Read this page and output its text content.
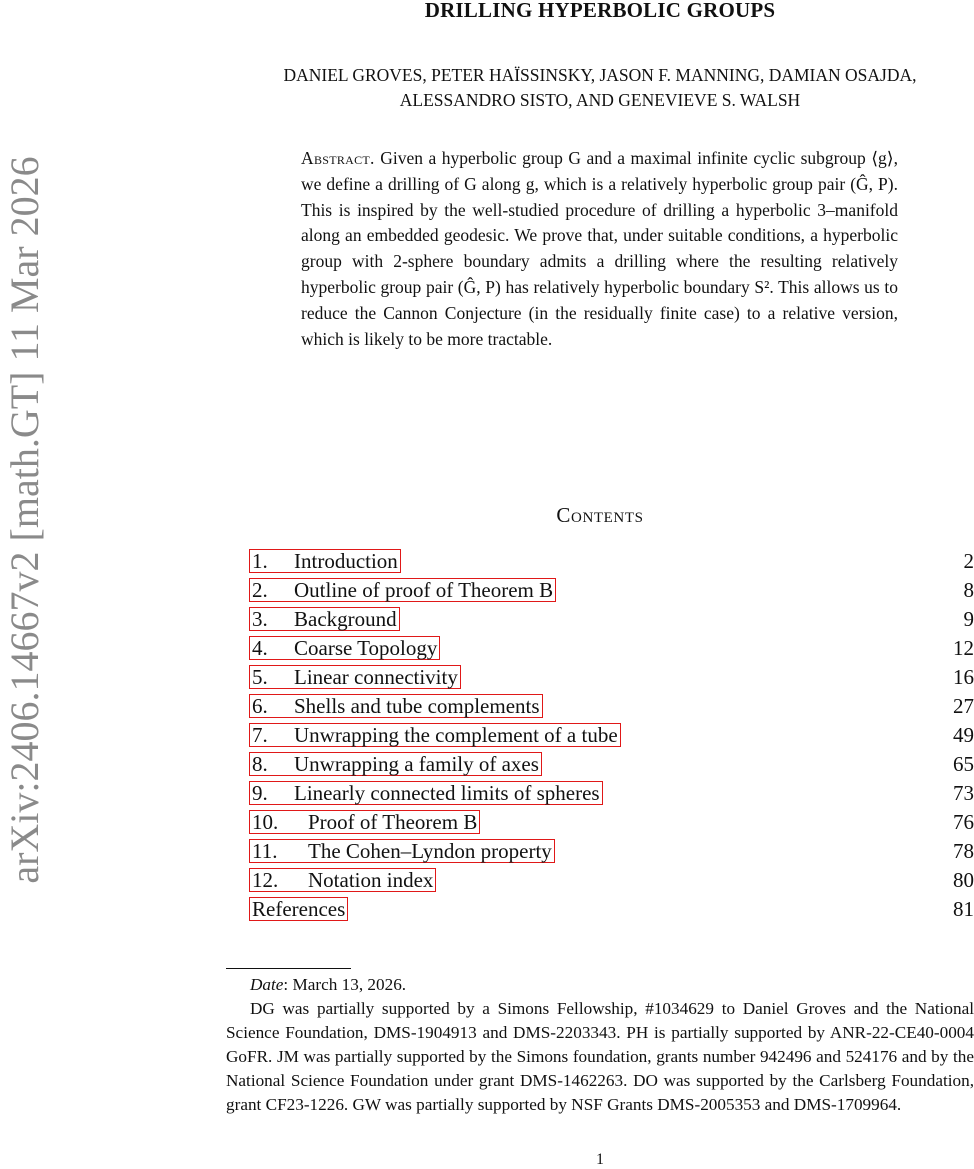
arXiv:2406.14667v2 [math.GT] 11 Mar 2026
DRILLING HYPERBOLIC GROUPS
DANIEL GROVES, PETER HAÏSSINSKY, JASON F. MANNING, DAMIAN OSAJDA,
ALESSANDRO SISTO, AND GENEVIEVE S. WALSH
Abstract. Given a hyperbolic group G and a maximal infinite cyclic subgroup ⟨g⟩, we define a drilling of G along g, which is a relatively hyperbolic group pair (Ĝ, P). This is inspired by the well-studied procedure of drilling a hyperbolic 3–manifold along an embedded geodesic. We prove that, under suitable conditions, a hyperbolic group with 2-sphere boundary admits a drilling where the resulting relatively hyperbolic group pair (Ĝ, P) has relatively hyperbolic boundary S². This allows us to reduce the Cannon Conjecture (in the residually finite case) to a relative version, which is likely to be more tractable.
Contents
1. Introduction	2
2. Outline of proof of Theorem B	8
3. Background	9
4. Coarse Topology	12
5. Linear connectivity	16
6. Shells and tube complements	27
7. Unwrapping the complement of a tube	49
8. Unwrapping a family of axes	65
9. Linearly connected limits of spheres	73
10. Proof of Theorem B	76
11. The Cohen–Lyndon property	78
12. Notation index	80
References	81

Date: March 13, 2026.

DG was partially supported by a Simons Fellowship, #1034629 to Daniel Groves and the National Science Foundation, DMS-1904913 and DMS-2203343. PH is partially supported by ANR-22-CE40-0004 GoFR. JM was partially supported by the Simons foundation, grants number 942496 and 524176 and by the National Science Foundation under grant DMS-1462263. DO was supported by the Carlsberg Foundation, grant CF23-1226. GW was partially supported by NSF Grants DMS-2005353 and DMS-1709964.

1
